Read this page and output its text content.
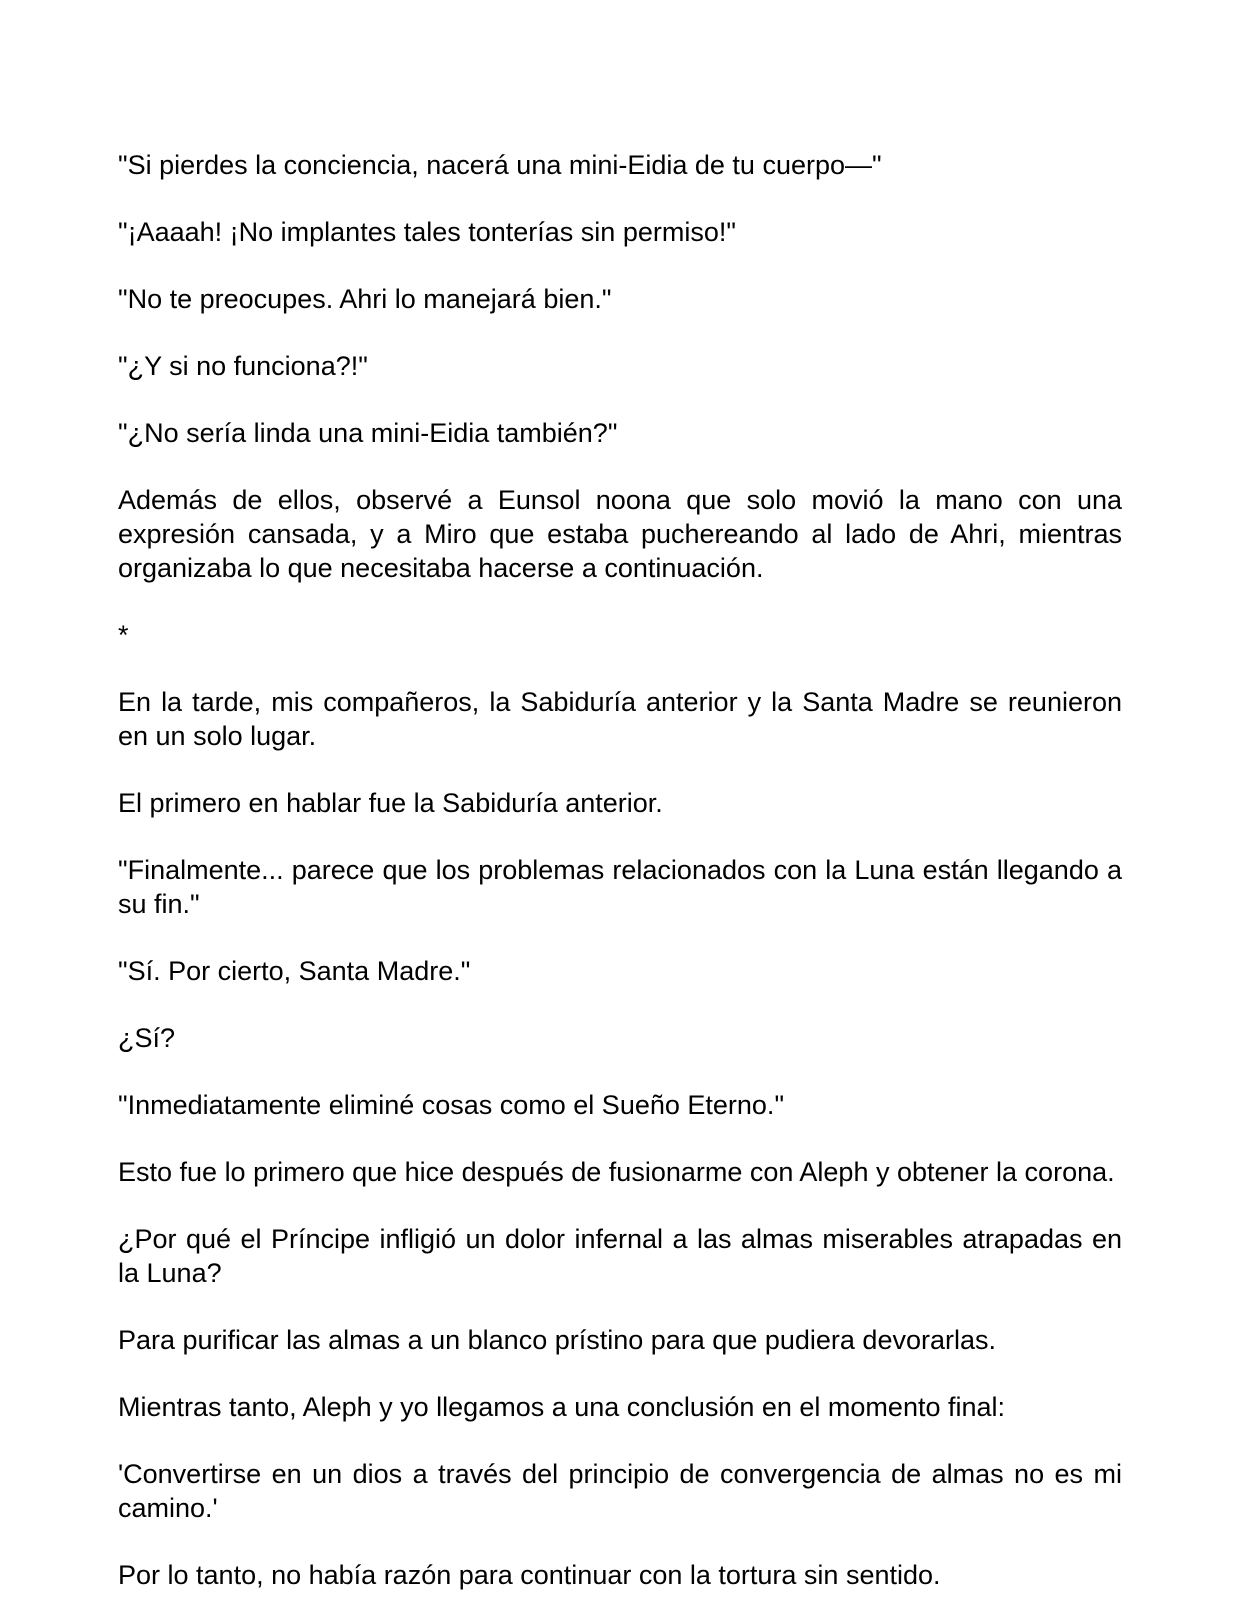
"Si pierdes la conciencia, nacerá una mini-Eidia de tu cuerpo—"

"¡Aaaah! ¡No implantes tales tonterías sin permiso!"

"No te preocupes. Ahri lo manejará bien."

"¿Y si no funciona?!"

"¿No sería linda una mini-Eidia también?"

Además de ellos, observé a Eunsol noona que solo movió la mano con una expresión cansada, y a Miro que estaba puchereando al lado de Ahri, mientras organizaba lo que necesitaba hacerse a continuación.

*

En la tarde, mis compañeros, la Sabiduría anterior y la Santa Madre se reunieron en un solo lugar.

El primero en hablar fue la Sabiduría anterior.

"Finalmente... parece que los problemas relacionados con la Luna están llegando a su fin."

"Sí. Por cierto, Santa Madre."

¿Sí?

"Inmediatamente eliminé cosas como el Sueño Eterno."

Esto fue lo primero que hice después de fusionarme con Aleph y obtener la corona.

¿Por qué el Príncipe infligió un dolor infernal a las almas miserables atrapadas en la Luna?

Para purificar las almas a un blanco prístino para que pudiera devorarlas.

Mientras tanto, Aleph y yo llegamos a una conclusión en el momento final:

'Convertirse en un dios a través del principio de convergencia de almas no es mi camino.'

Por lo tanto, no había razón para continuar con la tortura sin sentido.
